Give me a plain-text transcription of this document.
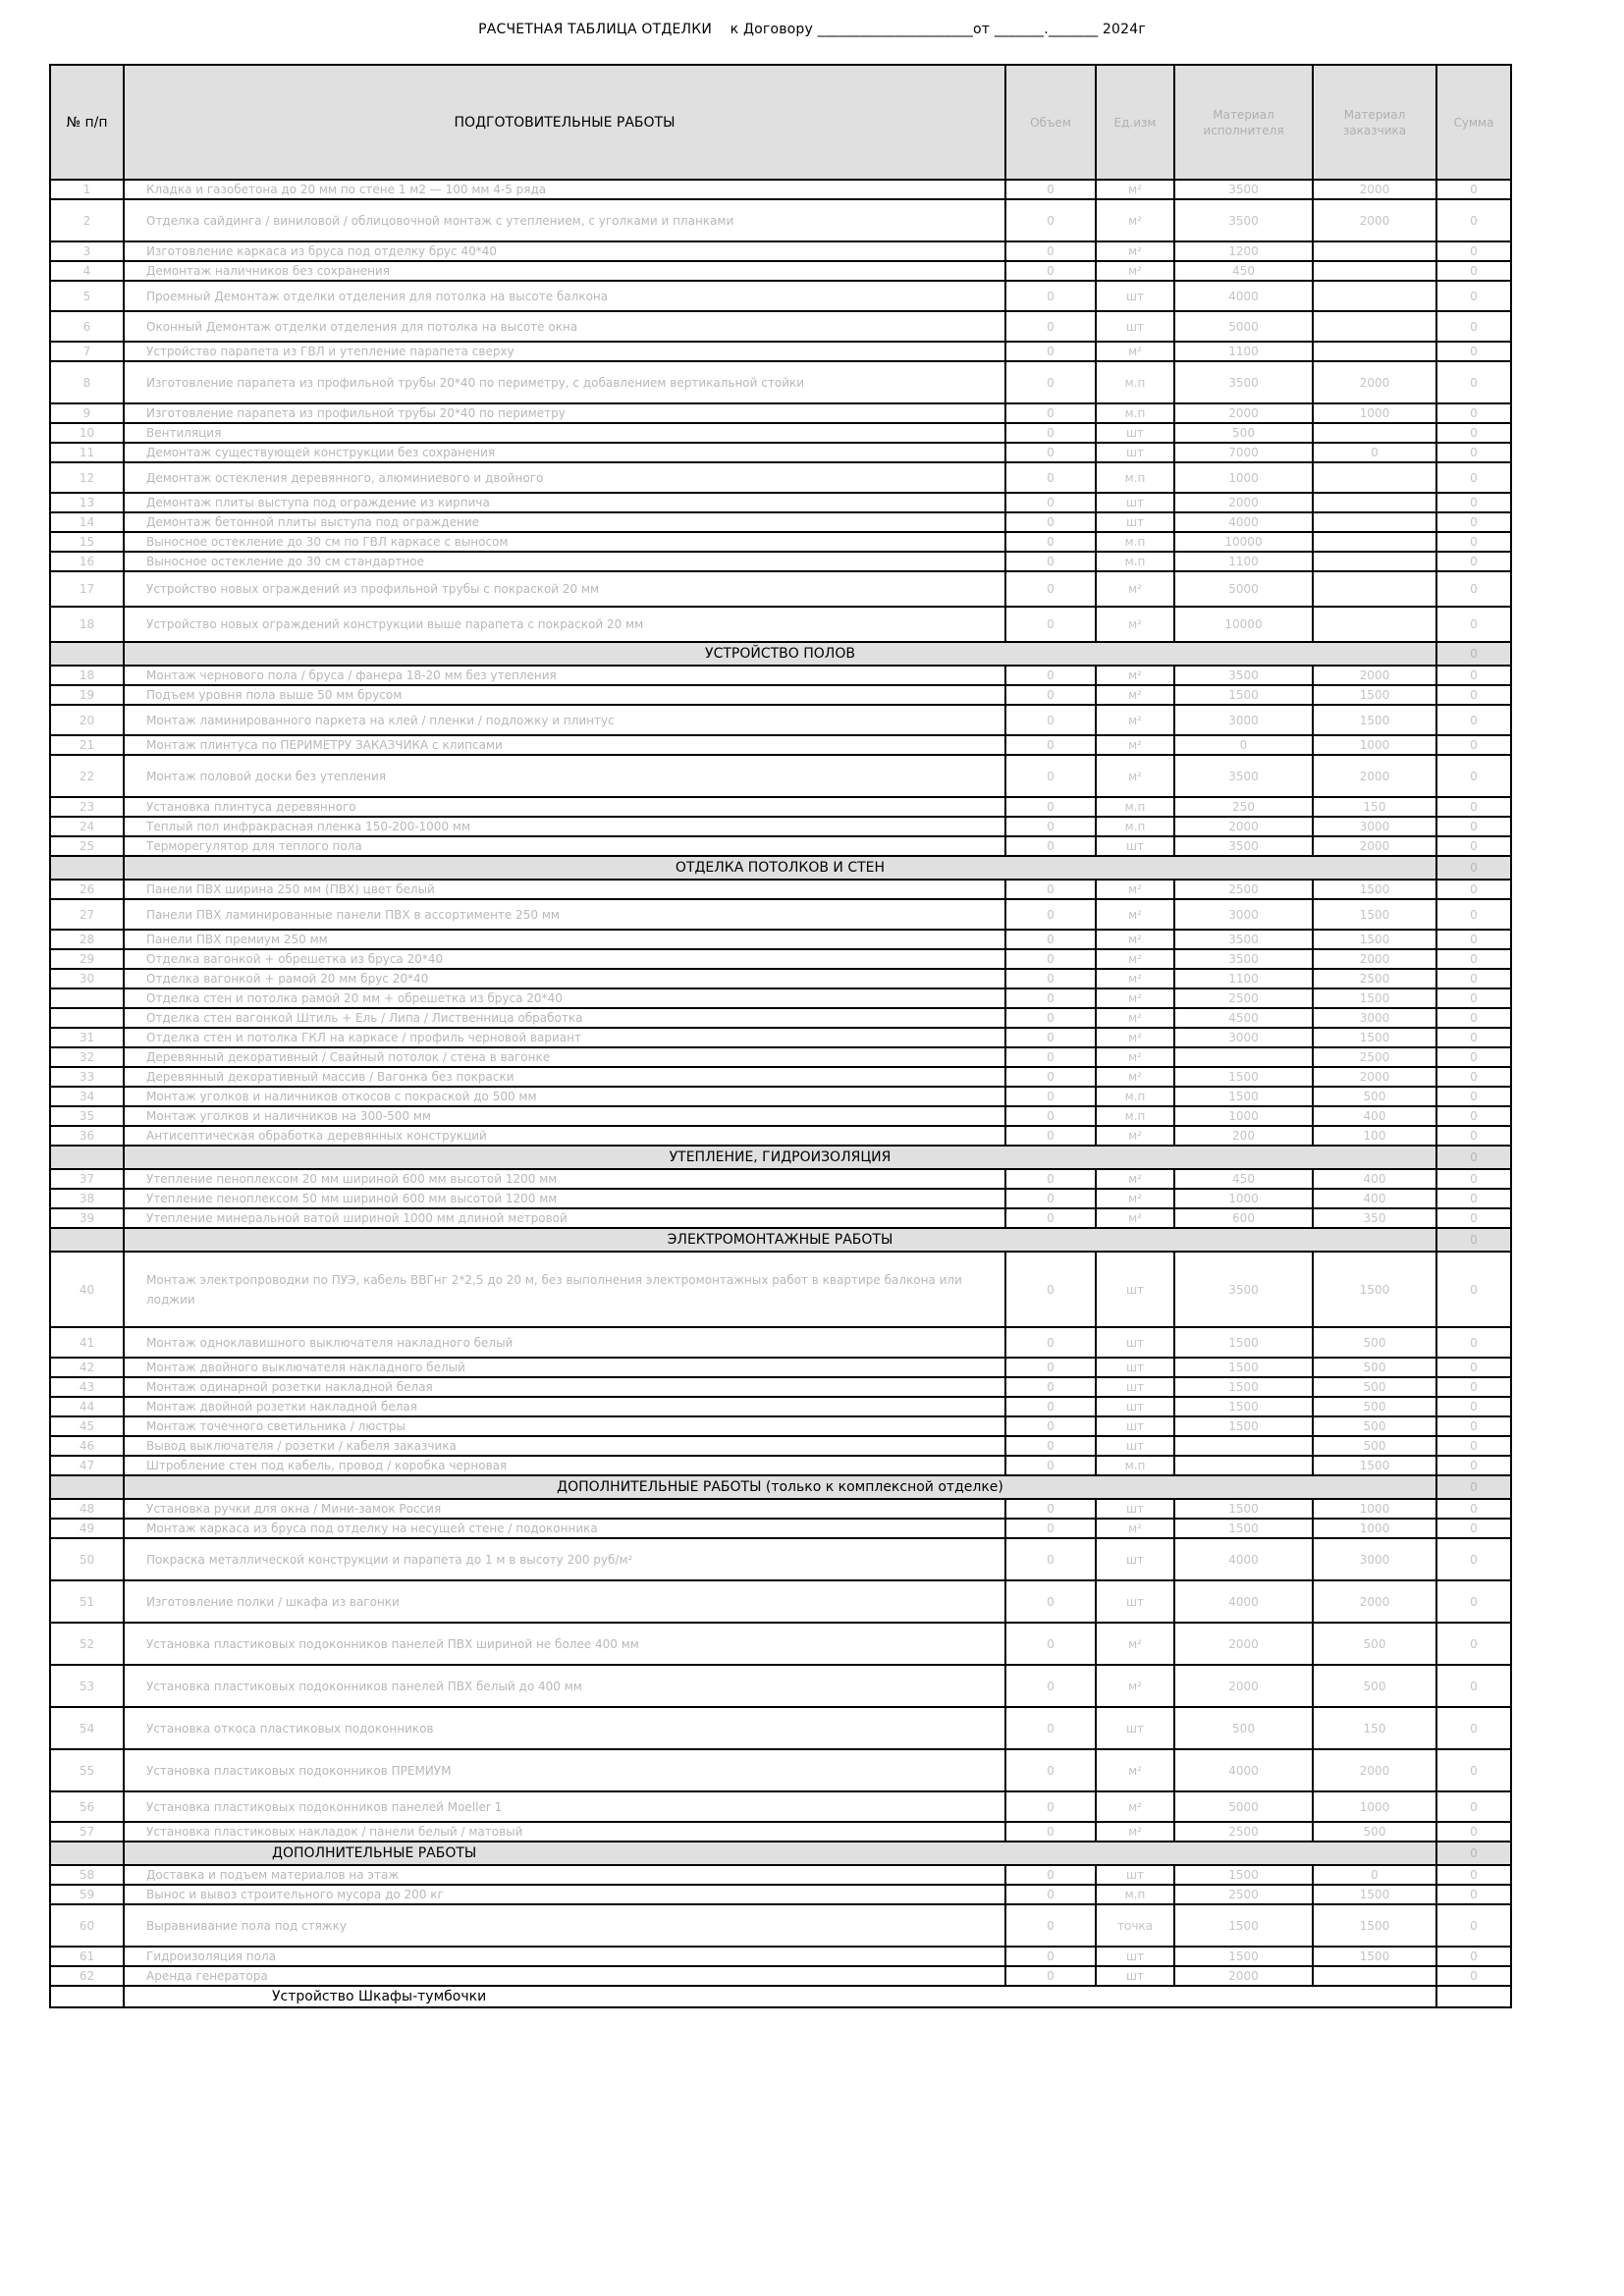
РАСЧЕТНАЯ ТАБЛИЦА ОТДЕЛКИ    к Договору ______________________от _______._______ 2024г
№ п/п	ПОДГОТОВИТЕЛЬНЫЕ РАБОТЫ	Объем	Ед.изм	Материал исполнителя	Материал заказчика	Сумма
1	Кладка и газобетона до 20 мм по стене 1 м2 — 100 мм 4-5 ряда	0	м²	3500	2000	0
2	Отделка сайдинга / виниловой / облицовочной монтаж с утеплением, с уголками и планками	0	м²	3500	2000	0
3	Изготовление каркаса из бруса под отделку брус 40*40	0	м²	1200		0
4	Демонтаж наличников без сохранения	0	м²	450		0
5	Проемный Демонтаж отделки отделения для потолка на высоте балкона	0	шт	4000		0
6	Оконный Демонтаж отделки отделения для потолка на высоте окна	0	шт	5000		0
7	Устройство парапета из ГВЛ и утепление парапета сверху	0	м²	1100		0
8	Изготовление парапета из профильной трубы 20*40 по периметру, с добавлением вертикальной стойки	0	м.п	3500	2000	0
9	Изготовление парапета из профильной трубы 20*40 по периметру	0	м.п	2000	1000	0
10	Вентиляция	0	шт	500		0
11	Демонтаж существующей конструкции без сохранения	0	шт	7000	0	0
12	Демонтаж остекления деревянного, алюминиевого и двойного	0	м.п	1000		0
13	Демонтаж плиты выступа под ограждение из кирпича	0	шт	2000		0
14	Демонтаж бетонной плиты выступа под ограждение	0	шт	4000		0
15	Выносное остекление до 30 см по ГВЛ каркасе с выносом	0	м.п	10000		0
16	Выносное остекление до 30 см стандартное	0	м.п	1100		0
17	Устройство новых ограждений из профильной трубы с покраской 20 мм	0	м²	5000		0
18	Устройство новых ограждений конструкции выше парапета с покраской 20 мм	0	м²	10000		0
	УСТРОЙСТВО ПОЛОВ					0
18	Монтаж чернового пола / бруса / фанера 18-20 мм без утепления	0	м²	3500	2000	0
19	Подъем уровня пола выше 50 мм брусом	0	м²	1500	1500	0
20	Монтаж ламинированного паркета на клей / пленки / подложку и плинтус	0	м²	3000	1500	0
21	Монтаж плинтуса по ПЕРИМЕТРУ ЗАКАЗЧИКА с клипсами	0	м²	0	1000	0
22	Монтаж половой доски без утепления	0	м²	3500	2000	0
23	Установка плинтуса деревянного	0	м.п	250	150	0
24	Теплый пол инфракрасная пленка 150-200-1000 мм	0	м.п	2000	3000	0
25	Терморегулятор для теплого пола	0	шт	3500	2000	0
	ОТДЕЛКА ПОТОЛКОВ И СТЕН					0
26	Панели ПВХ ширина 250 мм (ПВХ) цвет белый	0	м²	2500	1500	0
27	Панели ПВХ ламинированные панели ПВХ в ассортименте 250 мм	0	м²	3000	1500	0
28	Панели ПВХ премиум 250 мм	0	м²	3500	1500	0
29	Отделка вагонкой + обрешетка из бруса 20*40	0	м²	3500	2000	0
30	Отделка вагонкой + рамой 20 мм брус 20*40	0	м²	1100	2500	0
	Отделка стен и потолка рамой 20 мм + обрешетка из бруса 20*40	0	м²	2500	1500	0
	Отделка стен вагонкой Штиль + Ель / Липа / Лиственница обработка	0	м²	4500	3000	0
31	Отделка стен и потолка ГКЛ на каркасе / профиль черновой вариант	0	м²	3000	1500	0
32	Деревянный декоративный / Свайный потолок / стена в вагонке	0	м²		2500	0
33	Деревянный декоративный массив / Вагонка без покраски	0	м²	1500	2000	0
34	Монтаж уголков и наличников откосов с покраской до 500 мм	0	м.п	1500	500	0
35	Монтаж уголков и наличников на 300-500 мм	0	м.п	1000	400	0
36	Антисептическая обработка деревянных конструкций	0	м²	200	100	0
	УТЕПЛЕНИЕ, ГИДРОИЗОЛЯЦИЯ					0
37	Утепление пеноплексом 20 мм шириной 600 мм высотой 1200 мм	0	м²	450	400	0
38	Утепление пеноплексом 50 мм шириной 600 мм высотой 1200 мм	0	м²	1000	400	0
39	Утепление минеральной ватой шириной 1000 мм длиной метровой	0	м²	600	350	0
	ЭЛЕКТРОМОНТАЖНЫЕ РАБОТЫ					0
40	Монтаж электропроводки по ПУЭ, кабель ВВГнг 2*2,5 до 20 м, без выполнения электромонтажных работ в квартире балкона или лоджии	0	шт	3500	1500	0
41	Монтаж одноклавишного выключателя накладного белый	0	шт	1500	500	0
42	Монтаж двойного выключателя накладного белый	0	шт	1500	500	0
43	Монтаж одинарной розетки накладной белая	0	шт	1500	500	0
44	Монтаж двойной розетки накладной белая	0	шт	1500	500	0
45	Монтаж точечного светильника / люстры	0	шт	1500	500	0
46	Вывод выключателя / розетки / кабеля заказчика	0	шт		500	0
47	Штробление стен под кабель, провод / коробка черновая	0	м.п		1500	0
	ДОПОЛНИТЕЛЬНЫЕ РАБОТЫ (только к комплексной отделке)					0
48	Установка ручки для окна / Мини-замок Россия	0	шт	1500	1000	0
49	Монтаж каркаса из бруса под отделку на несущей стене / подоконника	0	м²	1500	1000	0
50	Покраска металлической конструкции и парапета до 1 м в высоту 200 руб/м²	0	шт	4000	3000	0
51	Изготовление полки / шкафа из вагонки	0	шт	4000	2000	0
52	Установка пластиковых подоконников панелей ПВХ шириной не более 400 мм	0	м²	2000	500	0
53	Установка пластиковых подоконников панелей ПВХ белый до 400 мм	0	м²	2000	500	0
54	Установка откоса пластиковых подоконников	0	шт	500	150	0
55	Установка пластиковых подоконников ПРЕМИУМ	0	м²	4000	2000	0
56	Установка пластиковых подоконников панелей Moeller 1	0	м²	5000	1000	0
57	Установка пластиковых накладок / панели белый / матовый	0	м²	2500	500	0
	ДОПОЛНИТЕЛЬНЫЕ РАБОТЫ					0
58	Доставка и подъем материалов на этаж	0	шт	1500	0	0
59	Вынос и вывоз строительного мусора до 200 кг	0	м.п	2500	1500	0
60	Выравнивание пола под стяжку	0	точка	1500	1500	0
61	Гидроизоляция пола	0	шт	1500	1500	0
62	Аренда генератора	0	шт	2000		0
	Устройство Шкафы-тумбочки					
